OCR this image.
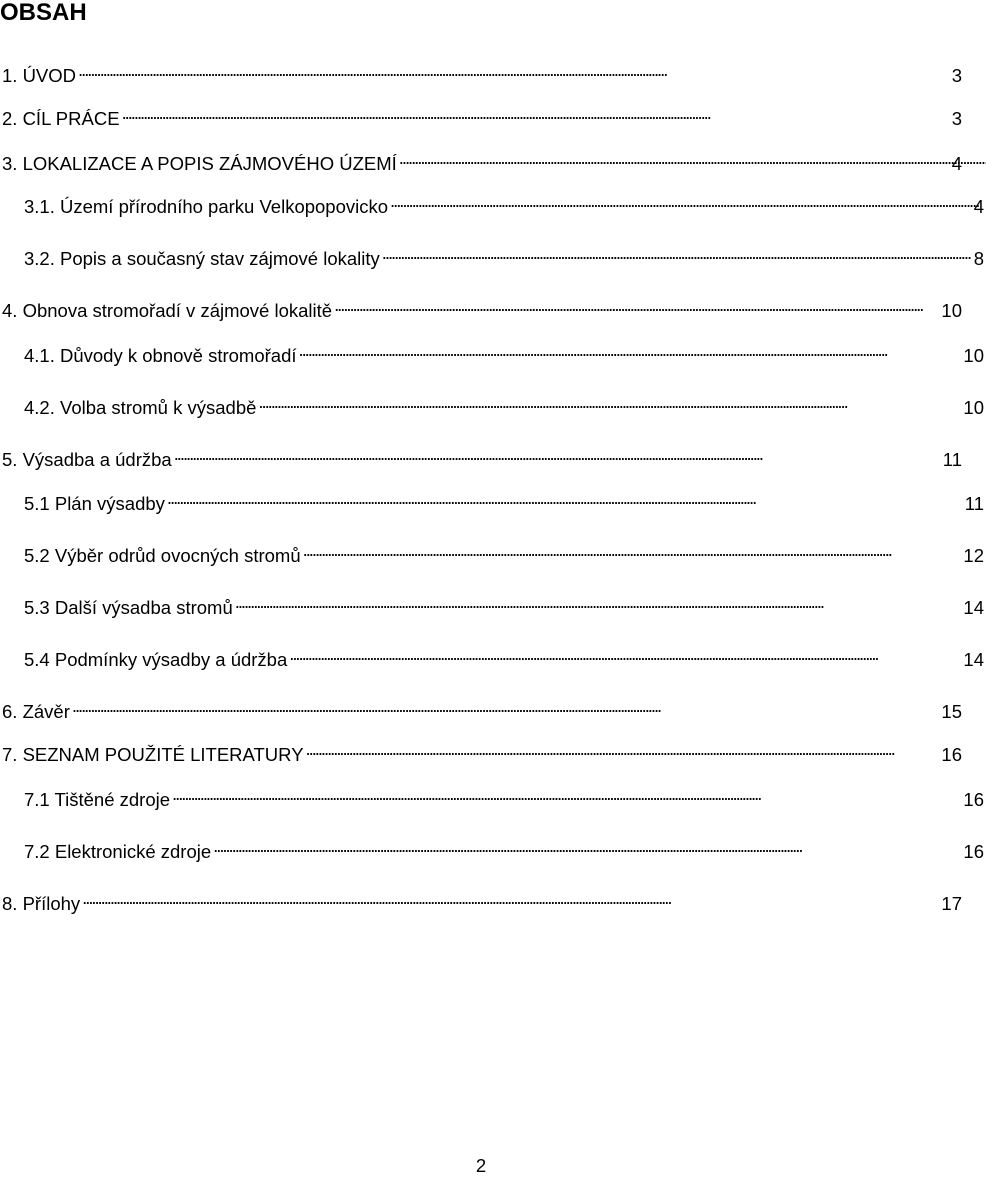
OBSAH
1. ÚVOD . . .	3
2. CÍL PRÁCE . . .	3
3. LOKALIZACE A POPIS ZÁJMOVÉHO ÚZEMÍ . . .	4
3.1. Území přírodního parku Velkopopovicko . . .	4
3.2. Popis a současný stav zájmové lokality . . .	8
4. Obnova stromořadí v zájmové lokalitě . . .	10
4.1. Důvody k obnově stromořadí . . .	10
4.2. Volba stromů k výsadbě . . .	10
5. Výsadba a údržba . . .	11
5.1 Plán výsadby . . .	11
5.2 Výběr odrůd ovocných stromů . . .	12
5.3 Další výsadba stromů . . .	14
5.4 Podmínky výsadby a údržba . . .	14
6. Závěr . . .	15
7. SEZNAM POUŽITÉ LITERATURY . . .	16
7.1 Tištěné zdroje . . .	16
7.2 Elektronické zdroje . . .	16
8. Přílohy . . .	17
2
